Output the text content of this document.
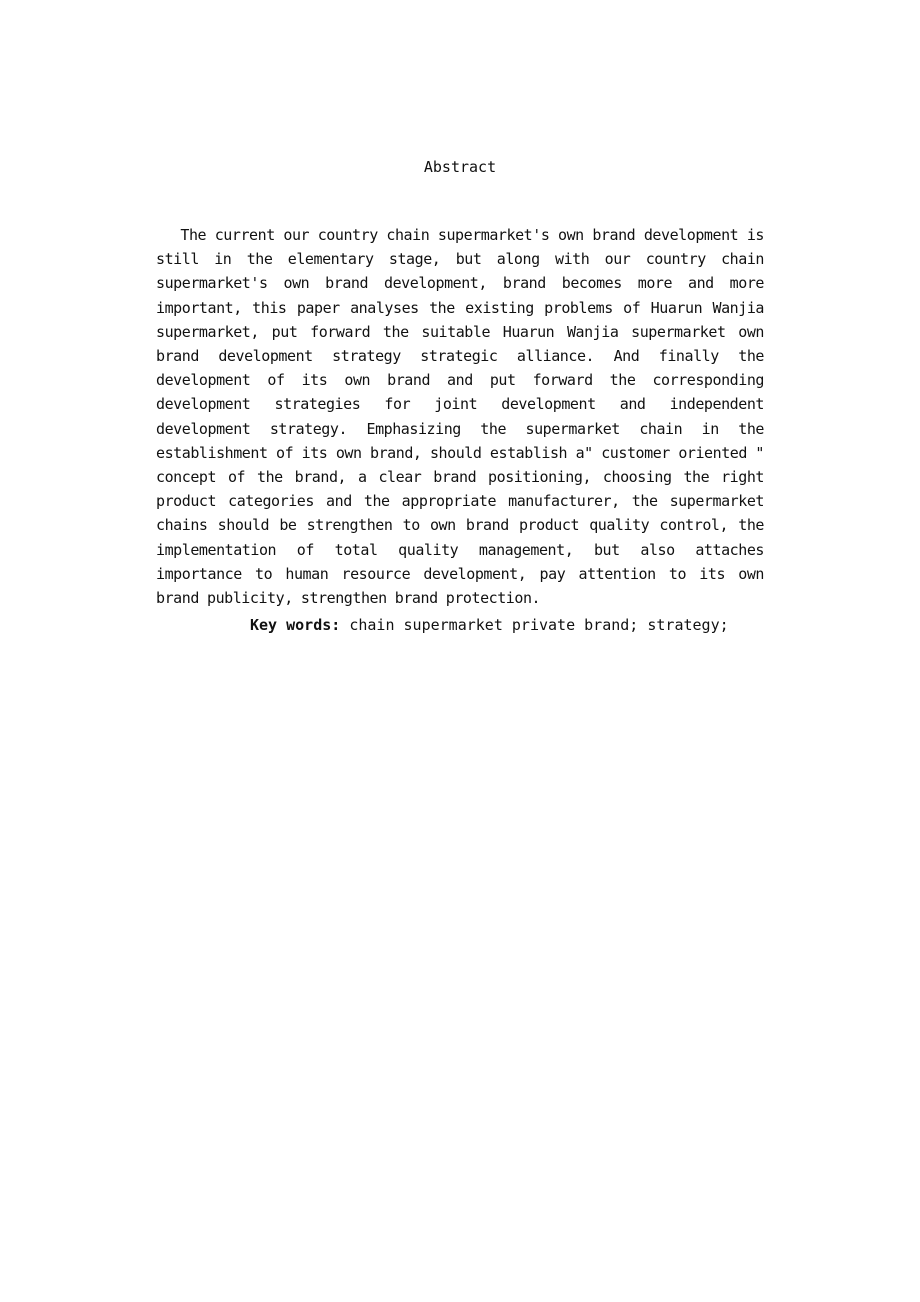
Abstract

The current our country chain supermarket's own brand development is still in the elementary stage, but along with our country chain supermarket's own brand development, brand becomes more and more important, this paper analyses the existing problems of Huarun Wanjia supermarket, put forward the suitable Huarun Wanjia supermarket own brand development strategy strategic alliance. And finally the development of its own brand and put forward the corresponding development strategies for joint development and independent development strategy. Emphasizing the supermarket chain in the establishment of its own brand, should establish a" customer oriented " concept of the brand, a clear brand positioning, choosing the right product categories and the appropriate manufacturer, the supermarket chains should be strengthen to own brand product quality control, the implementation of total quality management, but also attaches importance to human resource development, pay attention to its own brand publicity, strengthen brand protection.

Key words: chain supermarket private brand; strategy;
